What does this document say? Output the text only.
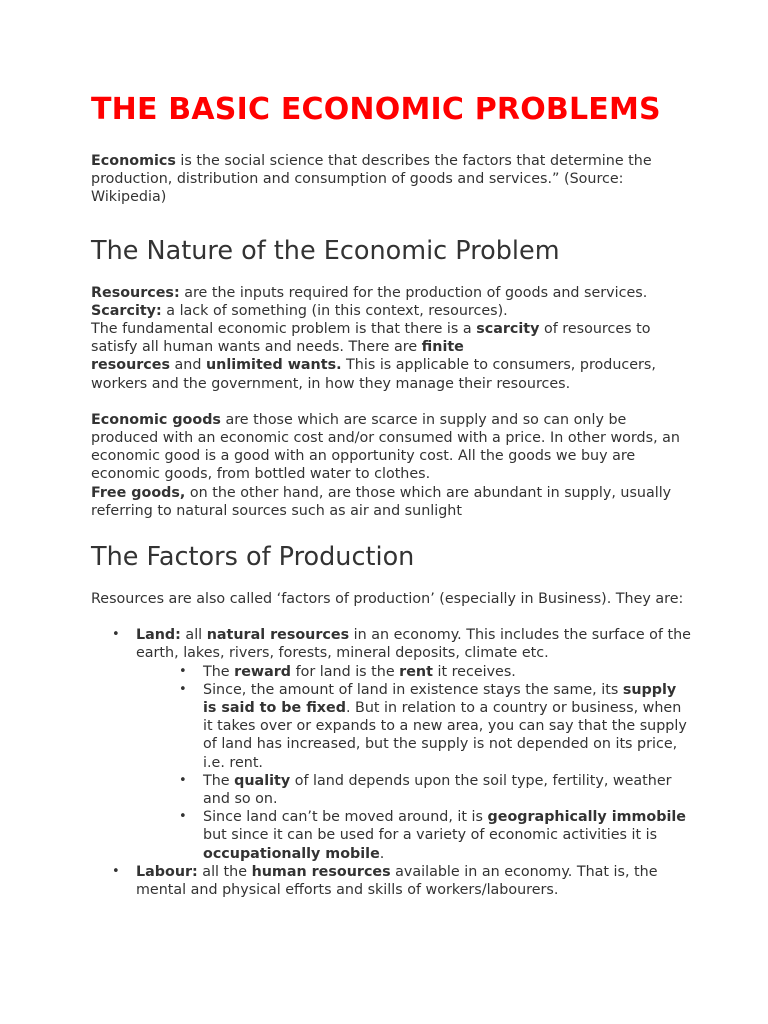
THE BASIC ECONOMIC PROBLEMS

Economics is the social science that describes the factors that determine the production, distribution and consumption of goods and services.” (Source: Wikipedia)

The Nature of the Economic Problem

Resources: are the inputs required for the production of goods and services.
Scarcity: a lack of something (in this context, resources).
The fundamental economic problem is that there is a scarcity of resources to satisfy all human wants and needs. There are finite
resources and unlimited wants. This is applicable to consumers, producers, workers and the government, in how they manage their resources.

Economic goods are those which are scarce in supply and so can only be produced with an economic cost and/or consumed with a price. In other words, an economic good is a good with an opportunity cost. All the goods we buy are economic goods, from bottled water to clothes.
Free goods, on the other hand, are those which are abundant in supply, usually referring to natural sources such as air and sunlight

The Factors of Production

Resources are also called ‘factors of production’ (especially in Business). They are:

• Land: all natural resources in an economy. This includes the surface of the earth, lakes, rivers, forests, mineral deposits, climate etc.
• The reward for land is the rent it receives.
• Since, the amount of land in existence stays the same, its supply is said to be fixed. But in relation to a country or business, when it takes over or expands to a new area, you can say that the supply of land has increased, but the supply is not depended on its price, i.e. rent.
• The quality of land depends upon the soil type, fertility, weather and so on.
• Since land can’t be moved around, it is geographically immobile but since it can be used for a variety of economic activities it is occupationally mobile.
• Labour: all the human resources available in an economy. That is, the mental and physical efforts and skills of workers/labourers.
